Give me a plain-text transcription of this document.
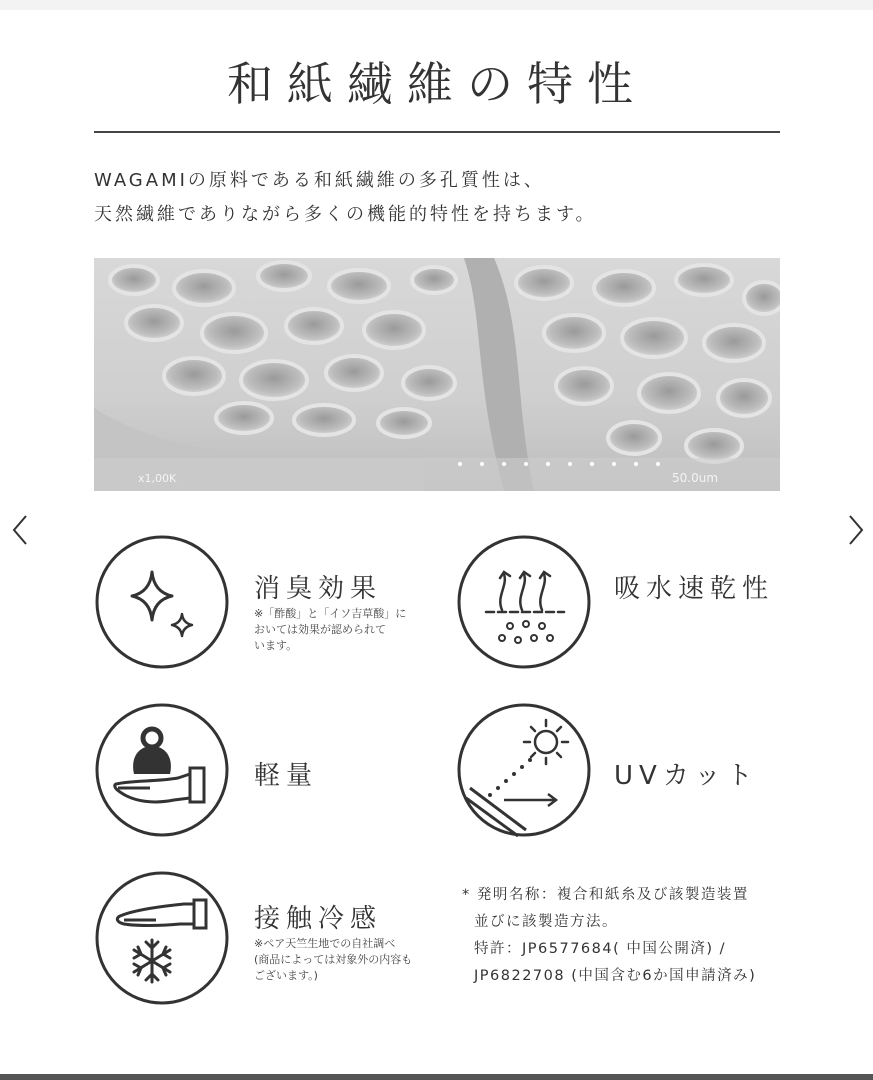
和紙繊維の特性
WAGAMIの原料である和紙繊維の多孔質性は、
天然繊維でありながら多くの機能的特性を持ちます。
x1,00K	50.0um
消臭効果
※「酢酸」と「イソ吉草酸」に
おいては効果が認められて
います。
吸水速乾性
軽量	UVカット
接触冷感
※ペア天竺生地での自社調べ
(商品によっては対象外の内容も
ございます。)
* 発明名称：複合和紙糸及び該製造装置
並びに該製造方法。
特許：JP6577684( 中国公開済) /
JP6822708 (中国含む6か国申請済み)
